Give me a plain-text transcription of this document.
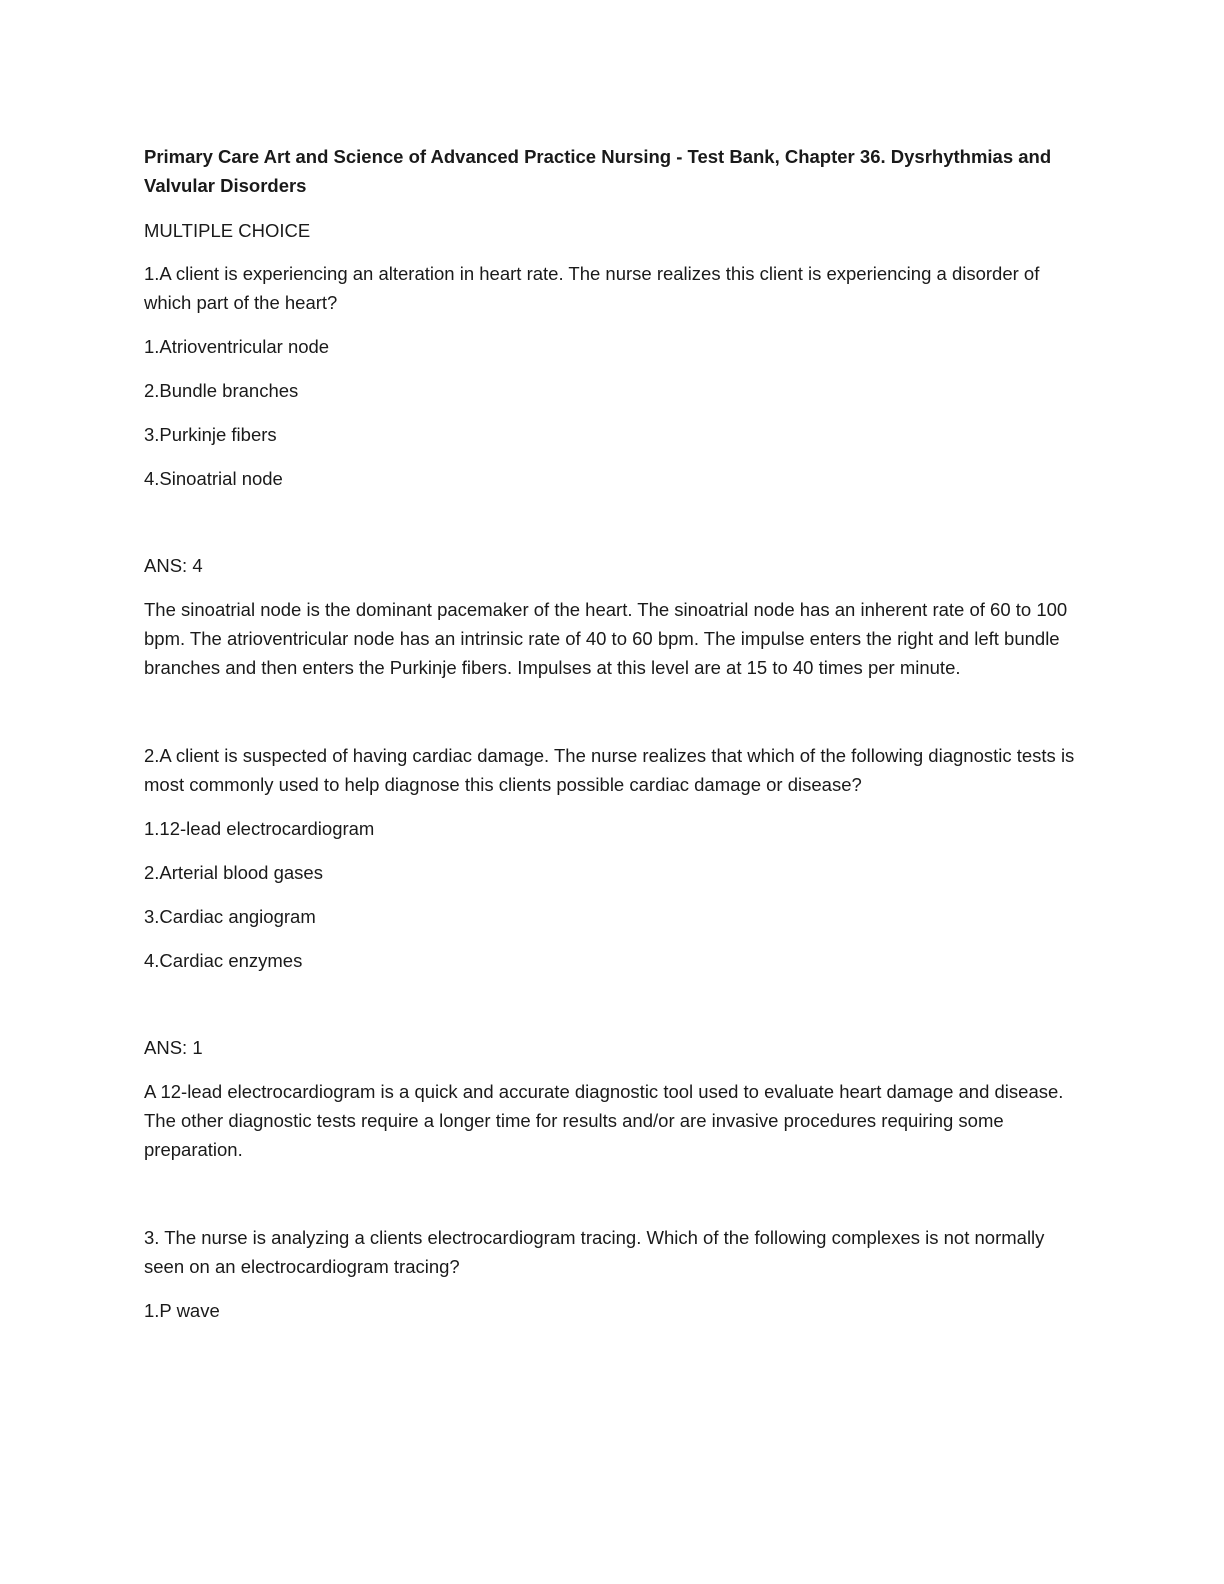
Primary Care Art and Science of Advanced Practice Nursing - Test Bank, Chapter 36. Dysrhythmias and Valvular Disorders

MULTIPLE CHOICE

1.A client is experiencing an alteration in heart rate. The nurse realizes this client is experiencing a disorder of which part of the heart?

1.Atrioventricular node

2.Bundle branches

3.Purkinje fibers

4.Sinoatrial node

ANS: 4

The sinoatrial node is the dominant pacemaker of the heart. The sinoatrial node has an inherent rate of 60 to 100 bpm. The atrioventricular node has an intrinsic rate of 40 to 60 bpm. The impulse enters the right and left bundle branches and then enters the Purkinje fibers. Impulses at this level are at 15 to 40 times per minute.

2.A client is suspected of having cardiac damage. The nurse realizes that which of the following diagnostic tests is most commonly used to help diagnose this clients possible cardiac damage or disease?

1.12-lead electrocardiogram

2.Arterial blood gases

3.Cardiac angiogram

4.Cardiac enzymes

ANS: 1

A 12-lead electrocardiogram is a quick and accurate diagnostic tool used to evaluate heart damage and disease. The other diagnostic tests require a longer time for results and/or are invasive procedures requiring some preparation.

3. The nurse is analyzing a clients electrocardiogram tracing. Which of the following complexes is not normally seen on an electrocardiogram tracing?

1.P wave
